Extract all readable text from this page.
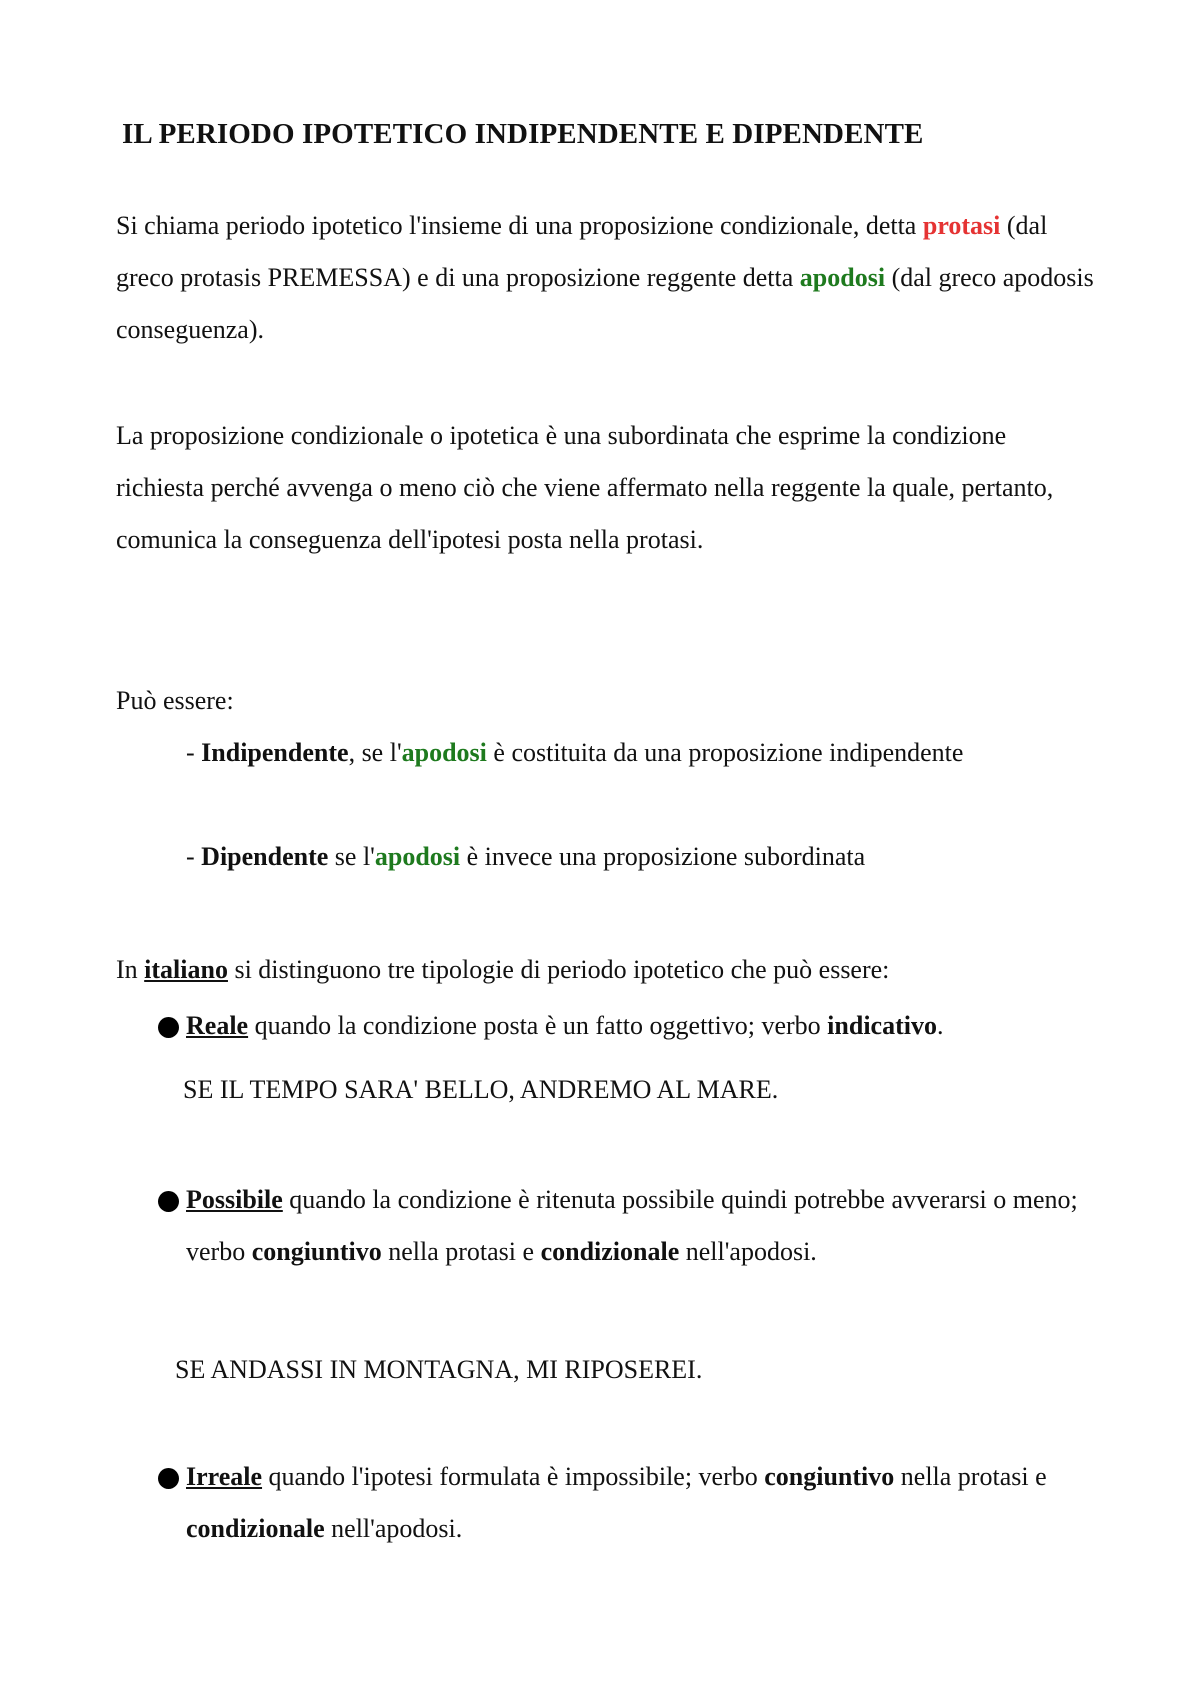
IL PERIODO IPOTETICO INDIPENDENTE E DIPENDENTE

Si chiama periodo ipotetico l'insieme di una proposizione condizionale, detta protasi (dal greco protasis PREMESSA) e di una proposizione reggente detta apodosi (dal greco apodosis conseguenza).

La proposizione condizionale o ipotetica è una subordinata che esprime la condizione richiesta perché avvenga o meno ciò che viene affermato nella reggente la quale, pertanto, comunica la conseguenza dell'ipotesi posta nella protasi.

Può essere:

- Indipendente, se l'apodosi è costituita da una proposizione indipendente

- Dipendente se l'apodosi è invece una proposizione subordinata

In italiano si distinguono tre tipologie di periodo ipotetico che può essere:

Reale quando la condizione posta è un fatto oggettivo; verbo indicativo.

SE IL TEMPO SARA' BELLO, ANDREMO AL MARE.

Possibile quando la condizione è ritenuta possibile quindi potrebbe avverarsi o meno; verbo congiuntivo nella protasi e condizionale nell'apodosi.

SE ANDASSI IN MONTAGNA, MI RIPOSEREI.

Irreale quando l'ipotesi formulata è impossibile; verbo congiuntivo nella protasi e condizionale nell'apodosi.
